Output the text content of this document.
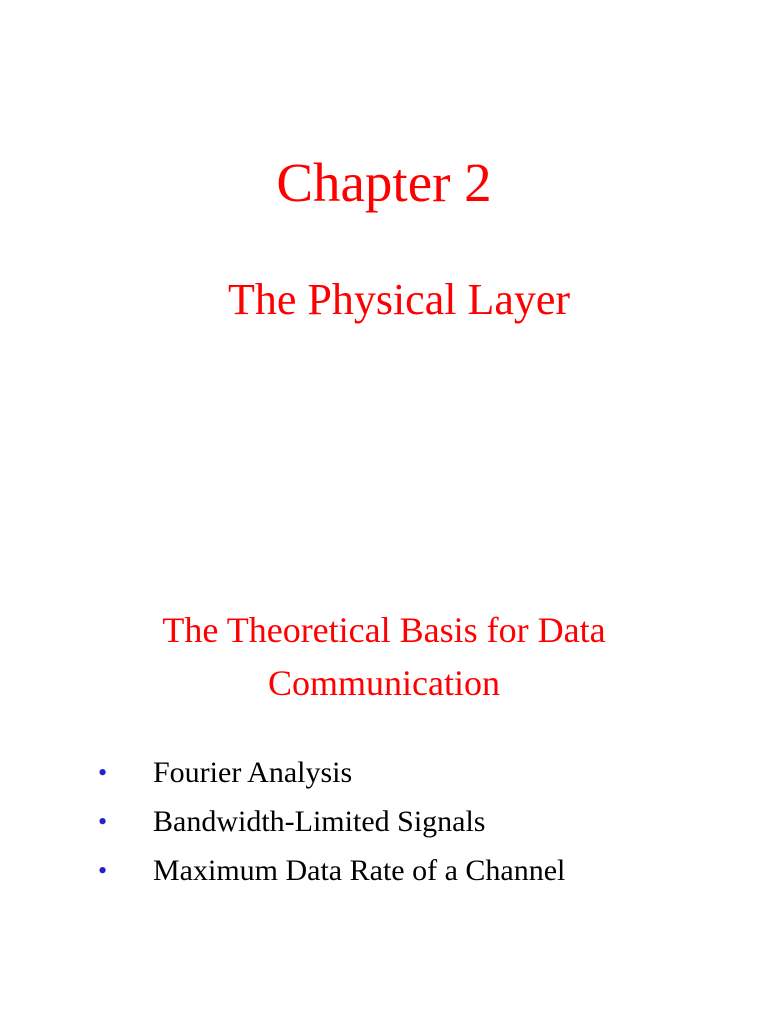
Chapter 2
The Physical Layer
The Theoretical Basis for Data
Communication
• Fourier Analysis
• Bandwidth-Limited Signals
• Maximum Data Rate of a Channel
